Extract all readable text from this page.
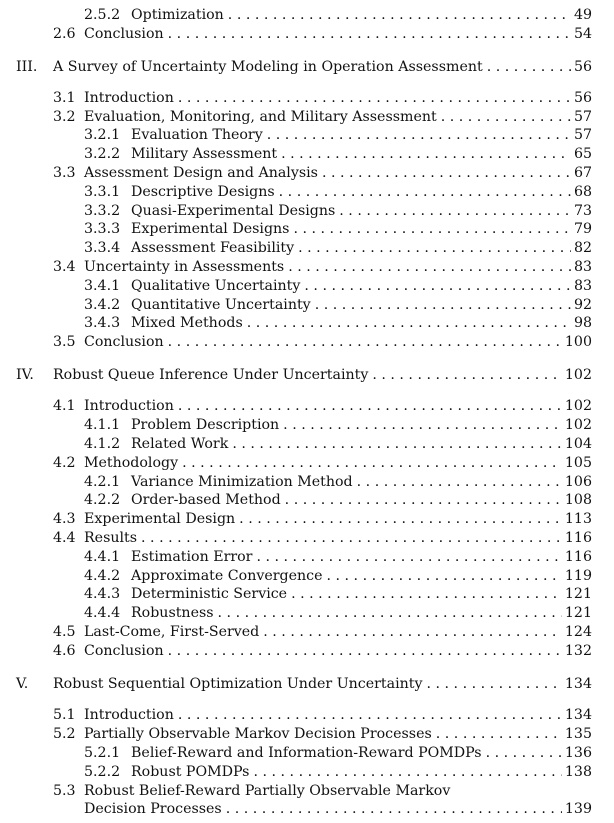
2.5.2 Optimization . . .	49
2.6 Conclusion . . .	54
III.	A Survey of Uncertainty Modeling in Operation Assessment . . .	56
3.1 Introduction . . .	56
3.2 Evaluation, Monitoring, and Military Assessment . . .	57
3.2.1 Evaluation Theory . . .	57
3.2.2 Military Assessment . . .	65
3.3 Assessment Design and Analysis . . .	67
3.3.1 Descriptive Designs . . .	68
3.3.2 Quasi-Experimental Designs . . .	73
3.3.3 Experimental Designs . . .	79
3.3.4 Assessment Feasibility . . .	82
3.4 Uncertainty in Assessments . . .	83
3.4.1 Qualitative Uncertainty . . .	83
3.4.2 Quantitative Uncertainty . . .	92
3.4.3 Mixed Methods . . .	98
3.5 Conclusion . . .	100
IV.	Robust Queue Inference Under Uncertainty . . .	102
4.1 Introduction . . .	102
4.1.1 Problem Description . . .	102
4.1.2 Related Work . . .	104
4.2 Methodology . . .	105
4.2.1 Variance Minimization Method . . .	106
4.2.2 Order-based Method . . .	108
4.3 Experimental Design . . .	113
4.4 Results . . .	116
4.4.1 Estimation Error . . .	116
4.4.2 Approximate Convergence . . .	119
4.4.3 Deterministic Service . . .	121
4.4.4 Robustness . . .	121
4.5 Last-Come, First-Served . . .	124
4.6 Conclusion . . .	132
V.	Robust Sequential Optimization Under Uncertainty . . .	134
5.1 Introduction . . .	134
5.2 Partially Observable Markov Decision Processes . . .	135
5.2.1 Belief-Reward and Information-Reward POMDPs . . .	136
5.2.2 Robust POMDPs . . .	138
5.3 Robust Belief-Reward Partially Observable Markov
Decision Processes . . .	139
